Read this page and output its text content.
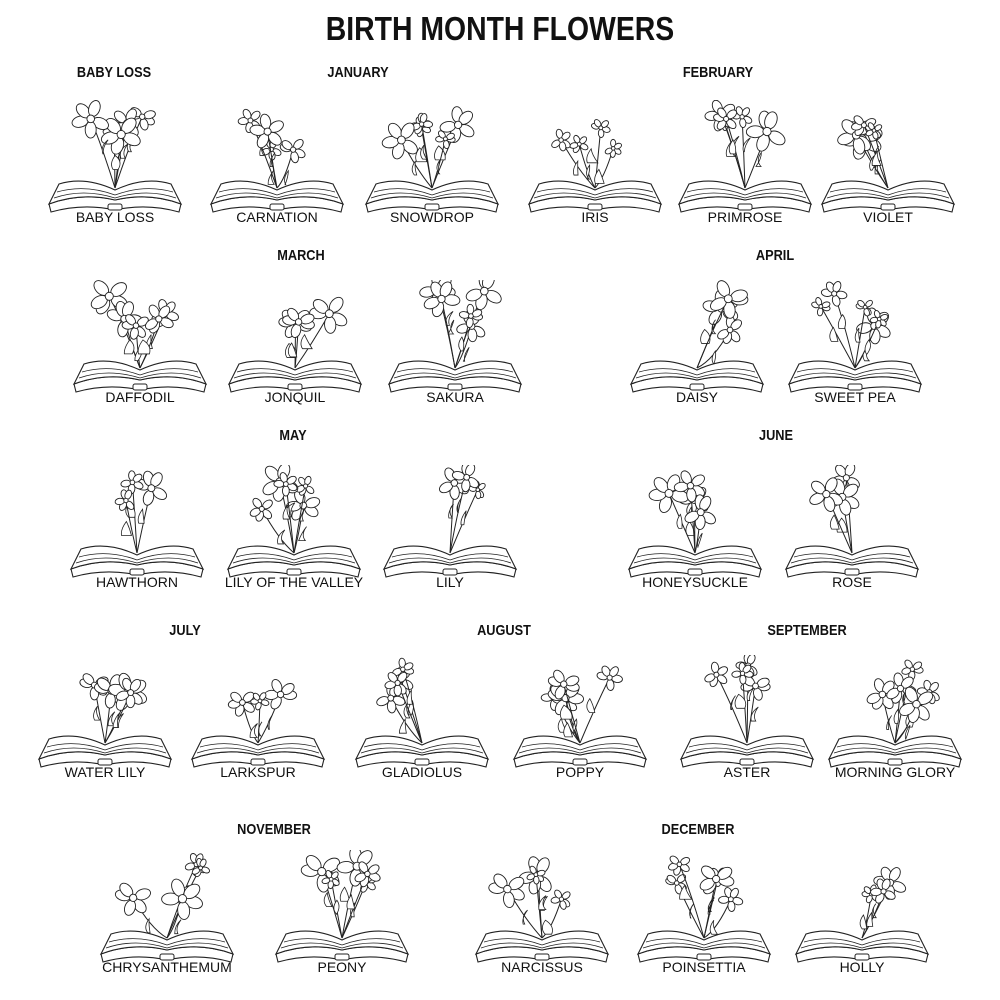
BIRTH MONTH FLOWERS
BABY LOSS
BABY LOSS
JANUARY
CARNATION	SNOWDROP
FEBRUARY
IRIS	PRIMROSE	VIOLET
MARCH
DAFFODIL	JONQUIL	SAKURA
APRIL
DAISY	SWEET PEA
MAY
HAWTHORN	LILY OF THE VALLEY	LILY
JUNE
HONEYSUCKLE	ROSE
JULY
WATER LILY	LARKSPUR
AUGUST
GLADIOLUS	POPPY
SEPTEMBER
ASTER	MORNING GLORY
NOVEMBER
CHRYSANTHEMUM	PEONY
DECEMBER
NARCISSUS	POINSETTIA	HOLLY
